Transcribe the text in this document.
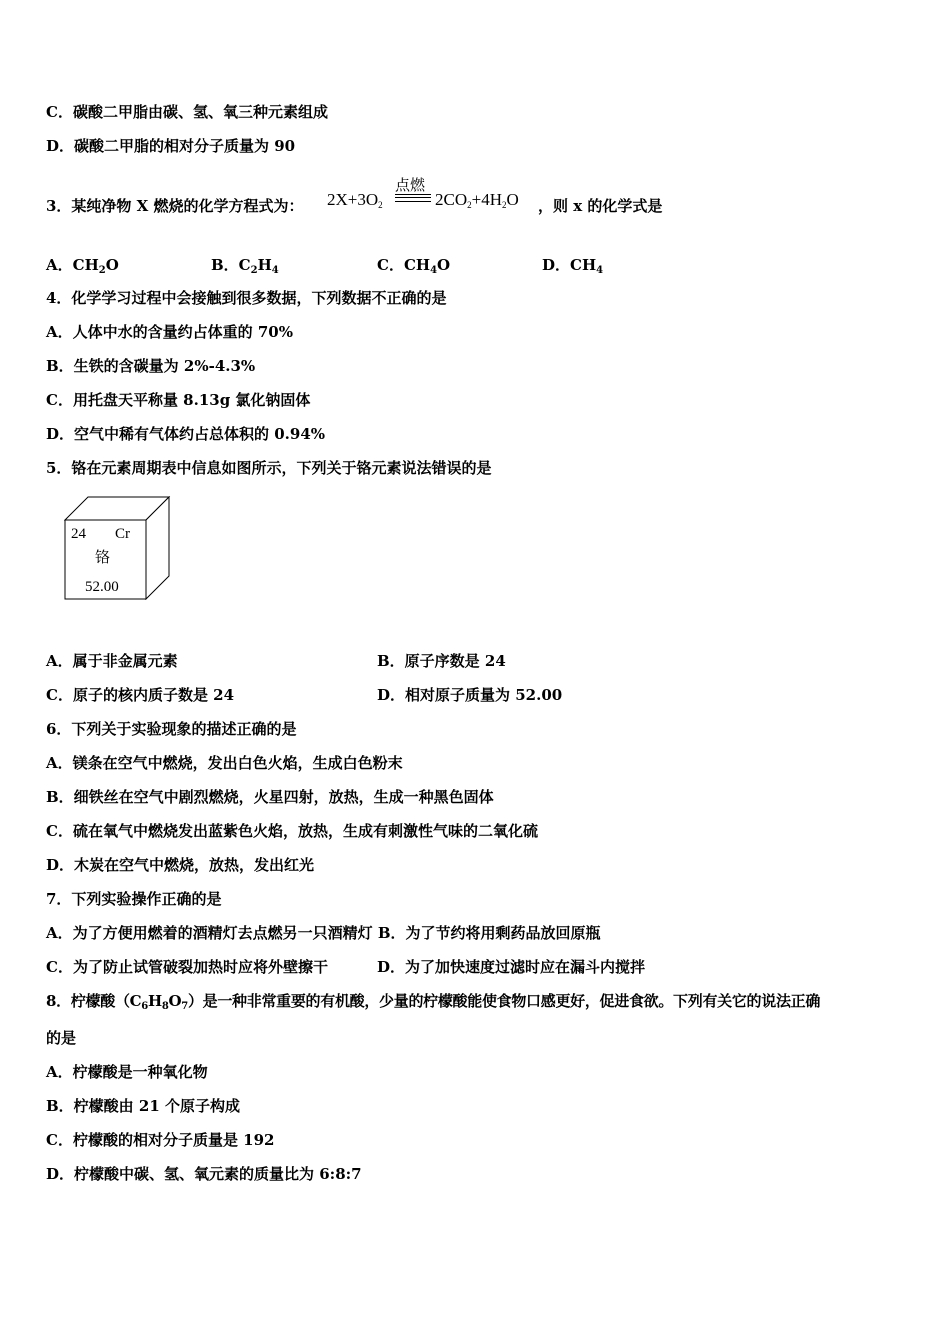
C．碳酸二甲脂由碳、氢、氧三种元素组成
D．碳酸二甲脂的相对分子质量为 90
3．某纯净物 X 燃烧的化学方程式为： $2X+3O_2$
点燃
$2CO_2+4H_2O$ ，则 x 的化学式是
A．$CH_2O$	B．$C_2H_4$	C．$CH_4O$	D．$CH_4$
4．化学学习过程中会接触到很多数据，下列数据不正确的是
A．人体中水的含量约占体重的 70%
B．生铁的含碳量为 2%-4.3%
C．用托盘天平称量 8.13g 氯化钠固体
D．空气中稀有气体约占总体积的 0.94%
5．铬在元素周期表中信息如图所示，下列关于铬元素说法错误的是
24 Cr
铬
52.00
A．属于非金属元素	B．原子序数是 24
C．原子的核内质子数是 24	D．相对原子质量为 52.00
6．下列关于实验现象的描述正确的是
A．镁条在空气中燃烧，发出白色火焰，生成白色粉末
B．细铁丝在空气中剧烈燃烧，火星四射，放热，生成一种黑色固体
C．硫在氧气中燃烧发出蓝紫色火焰，放热，生成有刺激性气味的二氧化硫
D．木炭在空气中燃烧，放热，发出红光
7．下列实验操作正确的是
A．为了方便用燃着的酒精灯去点燃另一只酒精灯 B．为了节约将用剩药品放回原瓶
C．为了防止试管破裂加热时应将外壁擦干	D．为了加快速度过滤时应在漏斗内搅拌
8．柠檬酸$(C_6H_8O_7)$是一种非常重要的有机酸，少量的柠檬酸能使食物口感更好，促进食欲。下列有关它的说法正确
的是
A．柠檬酸是一种氧化物
B．柠檬酸由 21 个原子构成
C．柠檬酸的相对分子质量是 192
D．柠檬酸中碳、氢、氧元素的质量比为 6:8:7
